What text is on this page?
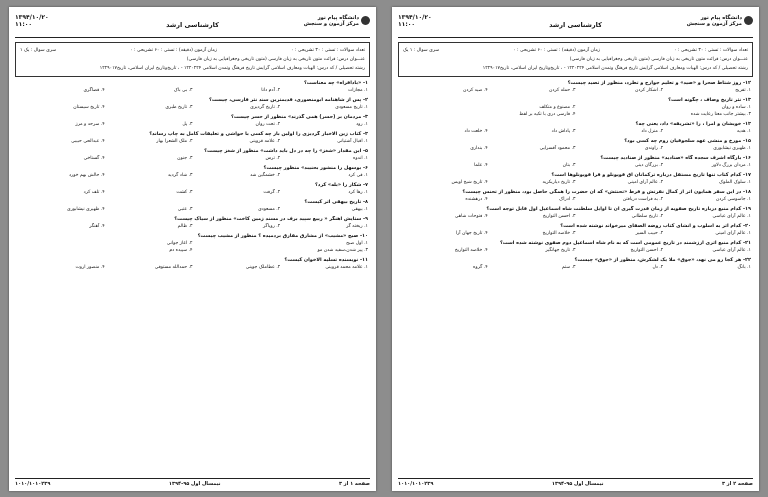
دانشگاه پیام نور
مرکز آزمون و سنجش
کارشناسی ارشد
۱۳۹۴/۱۰/۲۰
۱۱:۰۰
تعداد سوالات : تستی : ۳۰ تشریحی : ۰
زمان آزمون (دقیقه) : تستی : ۶۰ تشریحی : ۰
سری سوال : یک ۱
عنـــوان درس: قرائت متون تاریخی به زبان فارسی (متون تاریخی وجغرافیایی به زبان فارسی)
رشته تحصیلی / کد درس: الهیات ومعارف اسلامی گرایش تاریخ فرهنگ وتمدن اسلامی ۱۲۲۰۲۲۴ - ، تاریخ‌وتاریخ ایران اسلامی، تاریخ۱۲۲۹۰۱۷
۱- «بادافراه» چه معناست؟
۱. مجازات
۲. آدم دانا
۳. بی باک
۴. قضاگری
۲- پس از شاهنامه ابومنصوری، قدیمترین سند نثر فارسی، چیست؟
۱. تاریخ مسعودی
۲. تاریخ گردیزی
۳. تاریخ طبری
۴. تاریخ سیستان
۳- مردمان بر (حسر) همی گذرند» منظور از حسر چیست؟
۱. رود
۲. تحت روان
۳. پل
۴. سرحد و مرز
۴- کتاب زین الاخبار گردیزی را اولین بار چه کسی با حواشی و تعلیقات کامل به چاپ رساند؟
۱. اقبال آشتیانی
۲. علامه قزوینی
۳. ملک الشعرا بهار
۴. عبدالحی حبیبی
۵- این مقدار «شغز» را چه در دل باید داشت» منظور از شغز چیست؟
۱. اندوه
۲. ترس
۳. جنون
۴. گستاخی
۶- بوسهل را منشور بحنیبد» منظور چیست؟
۱. قی کرد
۲. خشمگین شد
۳. شاد گردید
۴. حالش بهم خورد
۷- شکار را «بله» کرد؟
۱. رها کرد
۲. گرفت
۳. کشت
۴. تلف کرد
۸- تاریخ بیهقی اثر کیست؟
۱. بیهقی
۲. مسعودی
۳. عتبی
۴. ظهیری نیشابوری
۹- ستایش آهنگر « ربیع سپید برف در مسند زمین کاخت» منظور از سیاک چیست؟
۱. ریخته گر
۲. رویاگر
۳. ظالم
۴. آهنگر
۱۰- صبح «مشیب» از مشارق مفارق بردمیده ؟ منظور از مشیب چیست؟
۱. اول صبح
۲. اغاز جوانی
۳. پیر شدن،سفید شدن مو
۴. سپیده دم
۱۱- نویسنده تسلیه الاخوان کیست؟
۱. علامه محمد قزوینی
۲. عطاملک جوینی
۳. حمدالله مستوفی
۴. منصور اروت
صفحه ۱ از ۳
نیمسال اول ۹۵-۱۳۹۴
۱۰۱۰/۱۰۱۰۲۳۹
دانشگاه پیام نور
مرکز آزمون و سنجش
کارشناسی ارشد
۱۳۹۴/۱۰/۲۰
۱۱:۰۰
تعداد سوالات : تستی : ۳۰ تشریحی : ۰
زمان آزمون (دقیقه) : تستی : ۶۰ تشریحی : ۰
سری سوال : ۱ یک
عنـــوان درس: قرائت متون تاریخی به زبان فارسی (متون تاریخی وجغرافیایی به زبان فارسی)
رشته تحصیلی / کد درس: الهیات ومعارف اسلامی گرایش تاریخ فرهنگ وتمدن اسلامی ۱۲۲۰۲۲۴ - ، تاریخ‌وتاریخ ایران اسلامی، تاریخ۱۲۲۹۰۱۷
۱۲- روز شتاط صحرا و «صید» و تعلیم جوارح و تطرد، منظور از تصید چیست؟
۱. تفریح
۲. اشکار کردن
۳. حمله کردن
۴. صید کردن
۱۳- نثر تاریخ وصاف ، چگونه است؟
۱. ساده و روان
۲. مصنوع و متکلف
۳. بیشتر جانب معنا رعایت شده
۴. فارسی دری با تکیه بر لفظ
۱۴- خویشان و امرا ، را «تشریفه» داد، یعنی چه؟
۱. هدیه
۲. منزل داد
۳. پاداش داد
۴. خلعت داد
۱۵- مورخ و منشی عهد سلجوقیان روم چه کسی بود؟
۱. ظهیری نیشابوری
۲. راوندی
۳. محمود آقسرایی
۴. بنداری
۱۶- بارگاه اشرف سجده گاه «صنادید» منظور از صنادید چیست؟
۱. مردان بزرگ دلاور
۲. بزرگان دینی
۳. بتان
۴. علما
۱۷- کدام کتاب تنها تاریخ مستقل درباره ترکمانان آق قویونلو و قرا قویونلوها است؟
۱. سلوک الملوک
۲. عالم آرای امینی
۳. تاریخ دیاربکریه
۴. تاریخ شیخ اویس
۱۸- در این سفر همایون اثر از کمال نفرتش و فرط «تحنثش» که آن حضرت را همگی حاصل بود، منظور از تحنس چیست؟
۱. جاسوسی کردن
۲. به فراست دریافتن
۳. ادراک
۴. درهشنده
۱۹- کدام منبع درباره تاریخ صفویه از زمان قدرت گیری آن تا اوایل سلطنت شاه اسماعیل اول قابل توجه است؟
۱. عالم آرای عباسی
۲. تاریخ سلطانی
۳. احسن التواریخ
۴. فتوحات شاهی
۲۰- کدام اثر به اسلوب و انشای کتاب روضه الصفای میرخواند نوشته شده است؟
۱. عالم آرای امینی
۲. حبیب السیر
۳. خلاصه التواریخ
۴. تاریخ جهان آرا
۲۱- کدام منبع اثری ارزشمند در تاریخ عمومی است که به نام شاه اسماعیل دوم صفوی نوشته شده است؟
۱. عالم آرای عباسی
۲. احسن التواریخ
۳. تاریخ جهانگیر
۴. خلاصه التواریخ
۲۲- هر کجا رو می نهد، «جوق» ملا یک لشکرش، منظور از «جوق» چیست؟
۱. بانگ
۲. دل
۳. ستم
۴. گروه
صفحه ۲ از ۳
نیمسال اول ۹۵-۱۳۹۴
۱۰۱۰/۱۰۱۰۲۳۹
